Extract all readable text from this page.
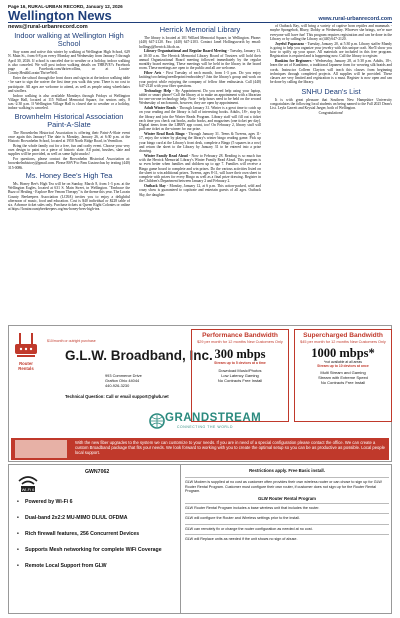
Page 16, RURAL-URBAN RECORD, January 12, 2026
Wellington News	www.rural-urbanrecord.com
news@rural-urbanrecord.com
Indoor walking at Wellington High School

Stay warm and active this winter by walking at Wellington High School, 629 N. Main St., from 6-8 p.m every Monday and Wednesday from January 5 through April 30, 2026. If school is canceled due to weather or a holiday, indoor walking is also canceled. We will post indoor walking details on THRIVE!'s Facebook page at Facebook.com/thrivecollins, or at Lorain-County.HealthLorain/ThriveWell.

Enter the school through the front doors and sign in at the indoor walking table - be sure to sign the waiver the first time you walk this year. There is no cost to participate. All ages are welcome to attend, as well as people using wheelchairs and strollers.

Indoor walking is also available Mondays through Fridays at Wellington Village Hall, located at 115 Willard Memorial Square, for seniors only, 8 a.m.-2:30 p.m. If Wellington Village Hall is closed due to weather or a holiday, indoor walking is canceled.

Brownhelm Historical Association Paint-A-Slate

The Brownhelm Historical Association is offering their Paint-A-Slate event once again this January! The date is Monday, January 26, at 6:30 p.m. at the Historic Brownhelm School, located at 1950 North Ridge Road, in Vermilion.

Bring the whole family out for a free, fun and crafty event. Choose your very own design to paint on a piece of historic slate. All paint, brushes, slate and supplies will be provided, as well as some light snacks!

For questions, please contact the Brownhelm Historical Association at: brownhelmhistory@gmail.com. Please RSVP to Pam Gustavchus by texting (440) 315-0086.

Ms. Honey Bee's High Tea

Ms. Honey Bee's High Tea will be on Sunday, March 8, from 1-3 p.m. at the Wellington Eagles, located at 631 S. Main Street, in Wellington. "Embrace the Buzz of Healing - Explore Bee Venom Therapy" is the theme this year. The Lorain County Beekeepers Association (LCBA) invites you to enjoy a delightful afternoon of music, food and education. Cost is $40 individual or $228 table of six. Advance ticket sales only. Purchase tickets at Queen Right Colonies or online at https://loraincountybeekeepers.org/ms-honey-bees-high-tea.

Herrick Memorial Library

The library is located at 101 Willard Memorial Square, in Wellington. Phone: (440) 647-2120. Fax: (440) 647-2103. Contact Janel Hollingsworth by email: hollingsj@herrick.lib.oh.us.

Library Organizational and Regular Board Meeting - Tuesday, January 13, at 10:30 a.m. The Herrick Memorial Library Board of Trustees will hold their annual Organizational Board meeting followed immediately by the regular monthly board meeting. These meetings will be held in the library in the board room. These meetings are open to the public and all are welcome.

Fiber Arts - First Tuesday of each month, from 1-3 p.m. Do you enjoy knitting/crocheting/needlepoint/embroidery? Join the library's group and work on your project while enjoying the company of fellow fiber enthusiasts. Call (440) 647-2120 with your fiber questions.

Technology Help - By Appointment. Do you need help using your laptop, tablet or smart phone? Call the library at to make an appointment with a librarian for one-on-one technology help. Note - help hours need to be held on the second Wednesday of each month, however, they are open by appointment.

Adult Winter Reads - Through January 31. Winter is a great time to catch up on your reading and the library is full of interesting books. Adults, 18+, stop by the library and join the Winter Reads Program. Library staff will fill out a ticket each time you check out books, audio books, and magazines (one ticket per day). Digital items from the LIBBY app count, too! On February 2, library staff will pull one ticket as the winner for our prize.

Winter Read Book Bingo - Through January 31. Teens & Tweens, ages 11-17, enjoy the winter by playing the library's winter bingo reading game. Pick up your bingo card at the Library's front desk, complete a Bingo (5 squares in a row) and return the sheet to the Library by January 31 to be entered into a prize drawing.

Winter Family Read Aloud - Now to February 28. Reading is so much fun with the Herrick Memorial Library's Winter Family Read Aloud. This program is so even better when families and children up to age 7. Families will receive a Bingo game board to complete and win prizes. Do the various activities listed on the sheet to win additional prizes. Tweens, ages 8-11, will have their own sheet to complete with prizes for every Bingo as well as a final prize drawing. Register in the Children's Department between January 2 and February 2.

Outback Slay - Monday, January 12, at 6 p.m. This action-packed, wild and crazy show is guaranteed to captivate and entertain guests of all ages. Outback Sky, the daughter

of Outback Ray, will bring a variety of captive born reptiles and mammals - maybe Spongebob, Bluey, Dobby or Wednesday. Whoever she brings, we're sure everyone will have fun! This program requires registration and can be done in the Library or by calling the Library at (440) 647-2120.

Joyeful Paparazzo - Tuesday, January 20, at 5:30 p.m. Library staffer Mandy is going to help you organize your jewelry with this unique craft. She'll show you how to spiffy up your space. All materials are included in this free program. Registration is required and is happening now. Call the library to register.

Bunkins for Beginners - Wednesday, January 28, at 5:30 p.m. Adults, 18+, learn the art of Kunihimo, a traditional Japanese form for weaving silk braids and cords. Instructor Colleen Clayton will teach this classes from beginning techniques through completed projects. All supplies will be provided. These classes are very limited and registration is a must. Register is now open and can be done by calling the library.

SNHU Dean's List

It is with great pleasure that Southern New Hampshire University congratulates the following local students on being named to the Fall 2025 Dean's List. Leyla Garrett and Krystal Jaeger, both of Wellington.

Congratulations!

Router Rentals
$10/month or outright purchase
G.L.W. Broadband, Inc.
993 Commerce Drive
Grafton Ohio 44044
440-926-3230
Technical Question: Call or email support@glwb.net
Performance Bandwidth
$29 per month for 12 months New Customers Only
300 mbps
Stream up to 5 devices at a time
Download Music/Photos
Low Latency Gaming
No Contracts Free Install
Supercharged Bandwidth
$45 per month for 12 months New Customers Only
1000 mbps*
*not available at all areas
Stream up to 10 devices at once
Multi Stream and Gaming
Stream with Extreme Speed
No Contracts Free Install
GRANDSTREAM
CONNECTING THE WORLD
With the new fiber upgrades to the system we can customize to your needs. If you are in need of a special configuration please contact the office. We can create a custom Broadband package that fits your needs. We look forward to working with you to create the optimal setup so you can be as productive as possible. Local people local support.
Wi-Fi 6
GWN7062
• Powered by Wi-Fi 6
• Dual-band 2x2:2 MU-MIMO DL/UL OFDMA
• Rich firewall features, 256 Concurrent Devices
• Supports Mesh networking for complete WiFi Coverage
• Remote Local Support from GLW
Restrictions apply. Free Basic install.
GLW Modem is supplied at no cost as customer often provides their own wireless router or can chose to sign up for GLW Router Rental Program. Customer must configure their own router, if customer does not sign up for the Router Rental Program.
GLW Router Rental Program
GLW Router Rental Program includes a base wireless unit that includes the router.
GLW will configure the Router and Wireless settings prior to the install.
GLW can remotely fix or change the router configuration as needed at no cost.
GLW will Replace units as needed if the unit shows no sign of abuse.
